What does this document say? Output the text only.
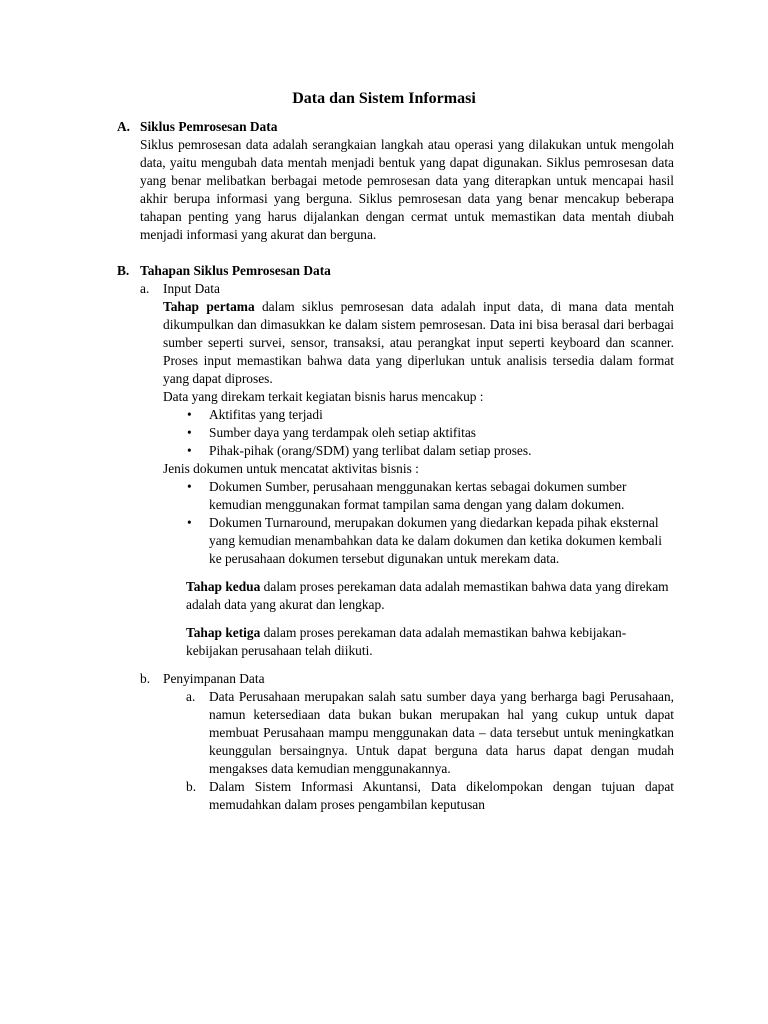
Data dan Sistem Informasi
A. Siklus Pemrosesan Data
Siklus pemrosesan data adalah serangkaian langkah atau operasi yang dilakukan untuk mengolah data, yaitu mengubah data mentah menjadi bentuk yang dapat digunakan. Siklus pemrosesan data yang benar melibatkan berbagai metode pemrosesan data yang diterapkan untuk mencapai hasil akhir berupa informasi yang berguna. Siklus pemrosesan data yang benar mencakup beberapa tahapan penting yang harus dijalankan dengan cermat untuk memastikan data mentah diubah menjadi informasi yang akurat dan berguna.
B. Tahapan Siklus Pemrosesan Data
a. Input Data
Tahap pertama dalam siklus pemrosesan data adalah input data, di mana data mentah dikumpulkan dan dimasukkan ke dalam sistem pemrosesan. Data ini bisa berasal dari berbagai sumber seperti survei, sensor, transaksi, atau perangkat input seperti keyboard dan scanner. Proses input memastikan bahwa data yang diperlukan untuk analisis tersedia dalam format yang dapat diproses.
Data yang direkam terkait kegiatan bisnis harus mencakup :
• Aktifitas yang terjadi
• Sumber daya yang terdampak oleh setiap aktifitas
• Pihak-pihak (orang/SDM) yang terlibat dalam setiap proses.
Jenis dokumen untuk mencatat aktivitas bisnis :
• Dokumen Sumber, perusahaan menggunakan kertas sebagai dokumen sumber kemudian menggunakan format tampilan sama dengan yang dalam dokumen.
• Dokumen Turnaround, merupakan dokumen yang diedarkan kepada pihak eksternal yang kemudian menambahkan data ke dalam dokumen dan ketika dokumen kembali ke perusahaan dokumen tersebut digunakan untuk merekam data.
Tahap kedua dalam proses perekaman data adalah memastikan bahwa data yang direkam adalah data yang akurat dan lengkap.
Tahap ketiga dalam proses perekaman data adalah memastikan bahwa kebijakan-kebijakan perusahaan telah diikuti.
b. Penyimpanan Data
a. Data Perusahaan merupakan salah satu sumber daya yang berharga bagi Perusahaan, namun ketersediaan data bukan bukan merupakan hal yang cukup untuk dapat membuat Perusahaan mampu menggunakan data – data tersebut untuk meningkatkan keunggulan bersaingnya. Untuk dapat berguna data harus dapat dengan mudah mengakses data kemudian menggunakannya.
b. Dalam Sistem Informasi Akuntansi, Data dikelompokan dengan tujuan dapat memudahkan dalam proses pengambilan keputusan
